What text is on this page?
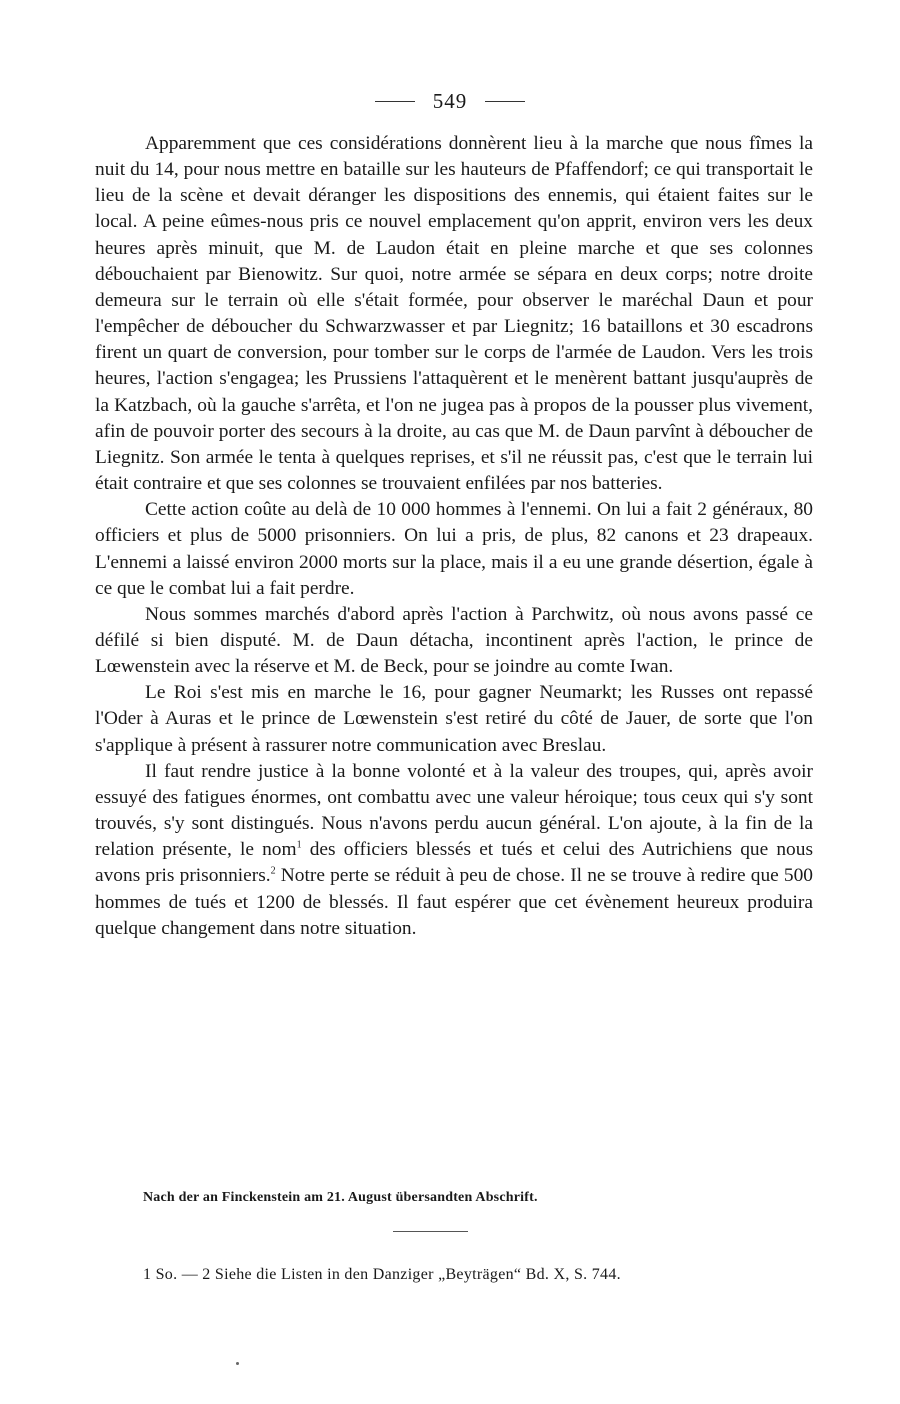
549

Apparemment que ces considérations donnèrent lieu à la marche que nous fîmes la nuit du 14, pour nous mettre en bataille sur les hauteurs de Pfaffendorf; ce qui transportait le lieu de la scène et devait déranger les dispositions des ennemis, qui étaient faites sur le local. A peine eûmes-nous pris ce nouvel emplacement qu'on apprit, environ vers les deux heures après minuit, que M. de Laudon était en pleine marche et que ses colonnes débouchaient par Bienowitz. Sur quoi, notre armée se sépara en deux corps; notre droite demeura sur le terrain où elle s'était formée, pour observer le maréchal Daun et pour l'empêcher de déboucher du Schwarzwasser et par Liegnitz; 16 bataillons et 30 escadrons firent un quart de conversion, pour tomber sur le corps de l'armée de Laudon. Vers les trois heures, l'action s'engagea; les Prussiens l'attaquèrent et le menèrent battant jusqu'auprès de la Katzbach, où la gauche s'arrêta, et l'on ne jugea pas à propos de la pousser plus vivement, afin de pouvoir porter des secours à la droite, au cas que M. de Daun parvînt à déboucher de Liegnitz. Son armée le tenta à quelques reprises, et s'il ne réussit pas, c'est que le terrain lui était contraire et que ses colonnes se trouvaient enfilées par nos batteries.

Cette action coûte au delà de 10 000 hommes à l'ennemi. On lui a fait 2 généraux, 80 officiers et plus de 5000 prisonniers. On lui a pris, de plus, 82 canons et 23 drapeaux. L'ennemi a laissé environ 2000 morts sur la place, mais il a eu une grande désertion, égale à ce que le combat lui a fait perdre.

Nous sommes marchés d'abord après l'action à Parchwitz, où nous avons passé ce défilé si bien disputé. M. de Daun détacha, incontinent après l'action, le prince de Lœwenstein avec la réserve et M. de Beck, pour se joindre au comte Iwan.

Le Roi s'est mis en marche le 16, pour gagner Neumarkt; les Russes ont repassé l'Oder à Auras et le prince de Lœwenstein s'est retiré du côté de Jauer, de sorte que l'on s'applique à présent à rassurer notre communication avec Breslau.

Il faut rendre justice à la bonne volonté et à la valeur des troupes, qui, après avoir essuyé des fatigues énormes, ont combattu avec une valeur héroique; tous ceux qui s'y sont trouvés, s'y sont distingués. Nous n'avons perdu aucun général. L'on ajoute, à la fin de la relation présente, le nom$^1$ des officiers blessés et tués et celui des Autrichiens que nous avons pris prisonniers.$^2$ Notre perte se réduit à peu de chose. Il ne se trouve à redire que 500 hommes de tués et 1200 de blessés. Il faut espérer que cet évènement heureux produira quelque changement dans notre situation.

Nach der an Finckenstein am 21. August übersandten Abschrift.
1 So. — 2 Siehe die Listen in den Danziger „Beyträgen“ Bd. X, S. 744.
